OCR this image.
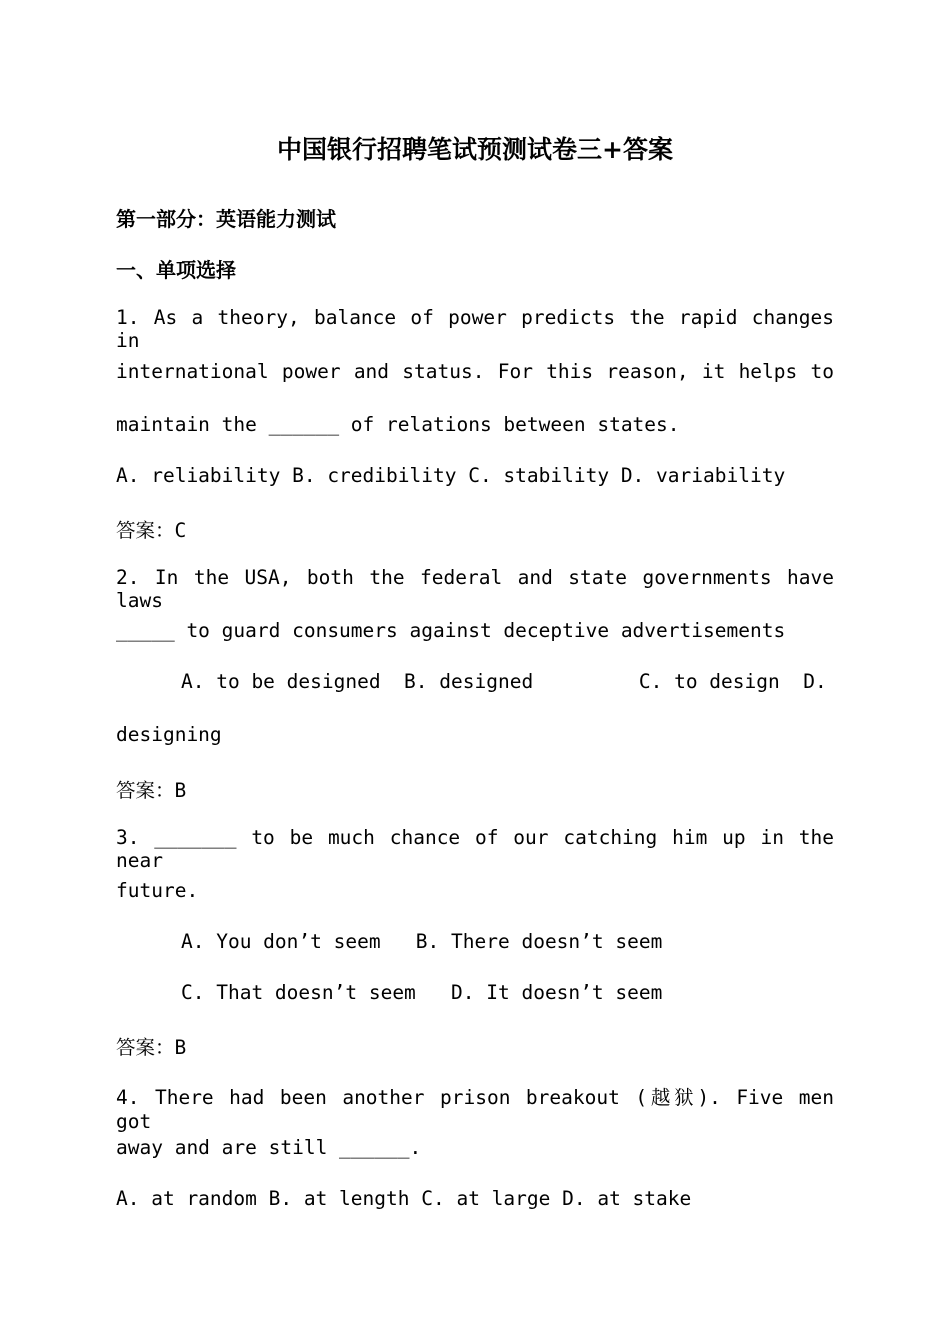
中国银行招聘笔试预测试卷三+答案
第一部分：英语能力测试
一、单项选择
1. As a theory, balance of power predicts the rapid changes in
international power and status. For this reason, it helps to
maintain the ______ of relations between states.
A. reliability B. credibility C. stability D. variability
答案：C
2. In the USA, both the federal and state governments have laws
_____ to guard consumers against deceptive advertisements
A. to be designed  B. designed         C. to design  D.
designing
答案：B
3. _______ to be much chance of our catching him up in the near
future.
A. You don’t seem   B. There doesn’t seem
C. That doesn’t seem   D. It doesn’t seem
答案：B
4. There had been another prison breakout (越狱). Five men got
away and are still ______.
A. at random B. at length C. at large D. at stake
